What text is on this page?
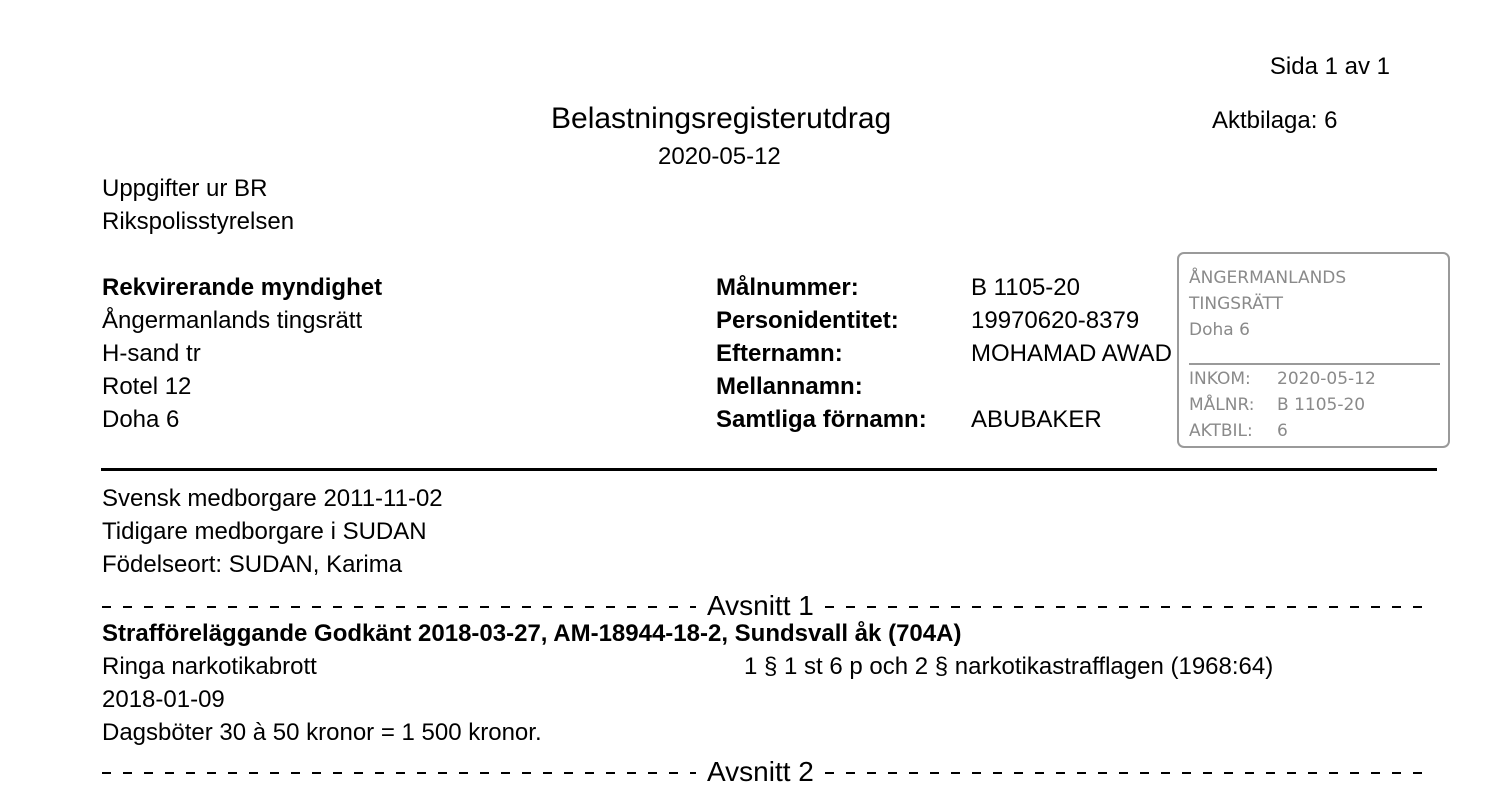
Sida 1 av 1
Belastningsregisterutdrag
2020-05-12
Aktbilaga: 6
Uppgifter ur BR
Rikspolisstyrelsen
Rekvirerande myndighet
Ångermanlands tingsrätt
H-sand tr
Rotel 12
Doha 6
Målnummer:
Personidentitet:
Efternamn:
Mellannamn:
Samtliga förnamn:
B 1105-20
19970620-8379
MOHAMAD AWAD
ABUBAKER
ÅNGERMANLANDS
TINGSRÄTT
Doha 6
INKOM: 2020-05-12
MÅLNR: B 1105-20
AKTBIL: 6
Svensk medborgare 2011-11-02
Tidigare medborgare i SUDAN
Födelseort: SUDAN, Karima
Avsnitt 1
Strafföreläggande Godkänt 2018-03-27, AM-18944-18-2, Sundsvall åk (704A)
Ringa narkotikabrott	1 § 1 st 6 p och 2 § narkotikastrafflagen (1968:64)
2018-01-09
Dagsböter 30 à 50 kronor = 1 500 kronor.
Avsnitt 2
